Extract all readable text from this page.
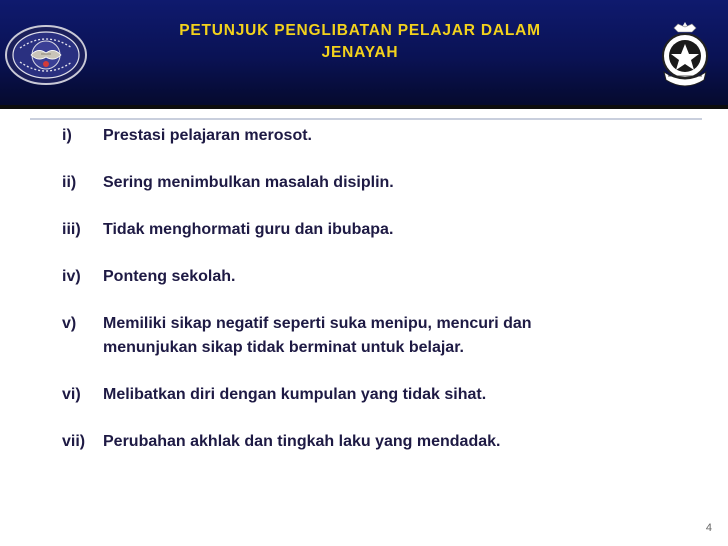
PETUNJUK PENGLIBATAN PELAJAR DALAM
JENAYAH
i)	Prestasi pelajaran merosot.
ii)	Sering menimbulkan masalah disiplin.
iii)	Tidak menghormati guru dan ibubapa.
iv)	Ponteng sekolah.
v)	Memiliki sikap negatif seperti suka menipu, mencuri dan
menunjukan sikap tidak berminat untuk belajar.
vi)	Melibatkan diri dengan kumpulan yang tidak sihat.
vii)	Perubahan akhlak dan tingkah laku yang mendadak.
4
